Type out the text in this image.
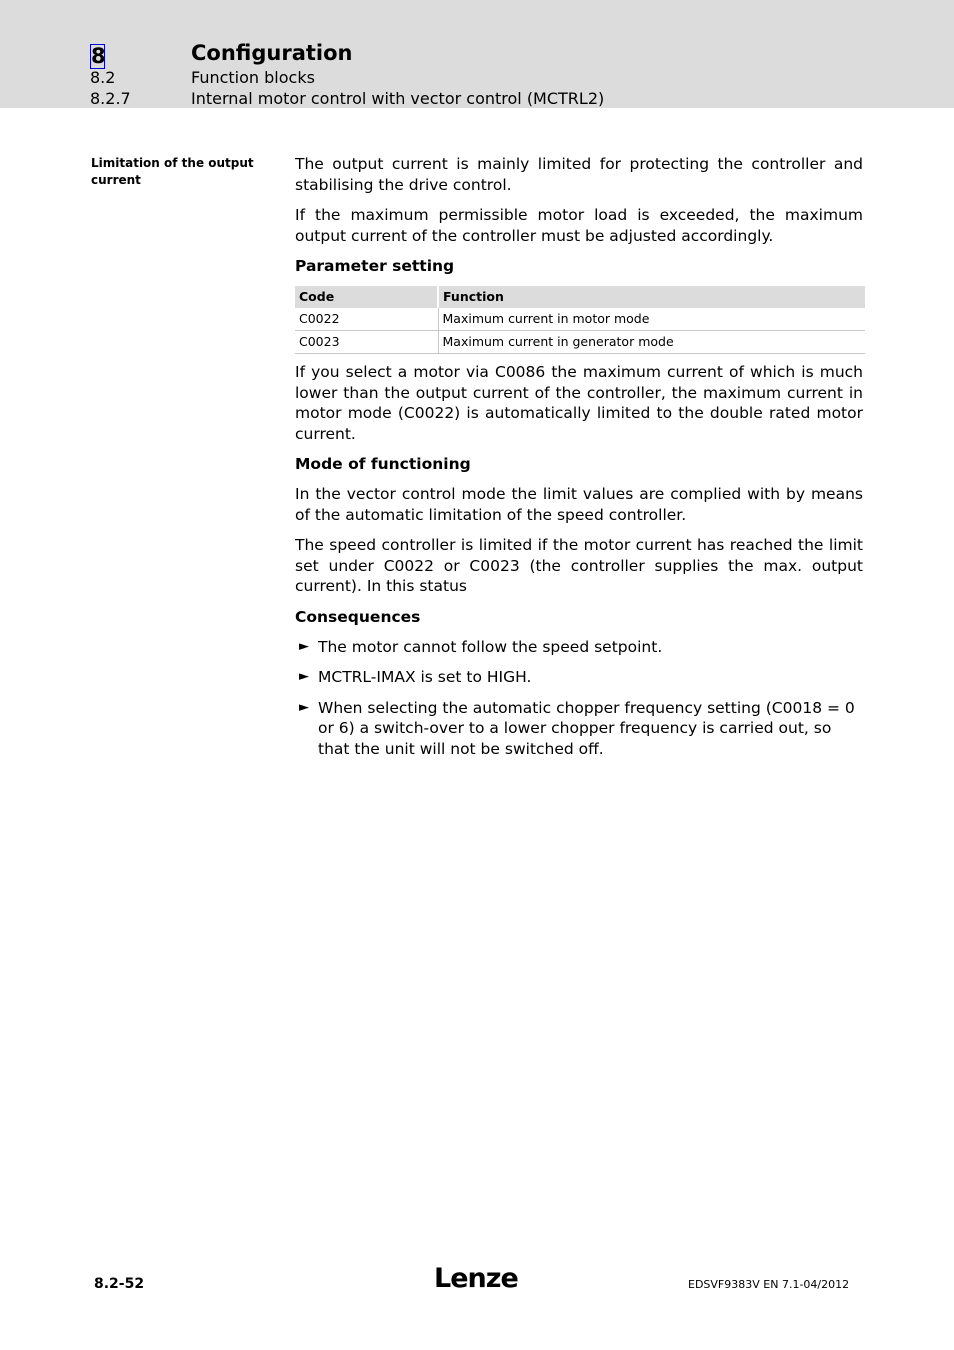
8	Configuration
8.2	Function blocks
8.2.7	Internal motor control with vector control (MCTRL2)
Limitation of the output current

The output current is mainly limited for protecting the controller and stabilising the drive control.

If the maximum permissible motor load is exceeded, the maximum output current of the controller must be adjusted accordingly.

Parameter setting
Code	Function
C0022	Maximum current in motor mode
C0023	Maximum current in generator mode

If you select a motor via C0086 the maximum current of which is much lower than the output current of the controller, the maximum current in motor mode (C0022) is automatically limited to the double rated motor current.

Mode of functioning

In the vector control mode the limit values are complied with by means of the automatic limitation of the speed controller.

The speed controller is limited if the motor current has reached the limit set under C0022 or C0023 (the controller supplies the max. output current). In this status

Consequences
► The motor cannot follow the speed setpoint.
► MCTRL-IMAX is set to HIGH.
► When selecting the automatic chopper frequency setting (C0018 = 0 or 6) a switch-over to a lower chopper frequency is carried out, so that the unit will not be switched off.
8.2-52	Lenze	EDSVF9383V EN 7.1-04/2012
